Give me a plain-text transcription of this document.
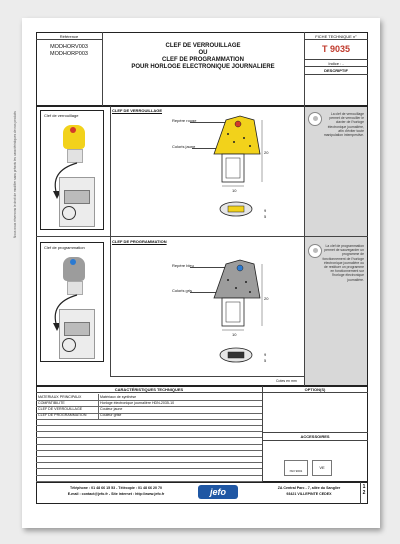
Nous nous réservons le droit de modifier sans préavis les caractéristiques de nos produits
Référence
MODHORV003
MODHORP003
CLEF DE VERROUILLAGE
OU
CLEF DE PROGRAMMATION
POUR HORLOGE ELECTRONIQUE JOURNALIERE
FICHE TECHNIQUE n°
T 9035
Indice : -
DESCRIPTIF
CLEF DE VERROUILLAGE
Clef de verrouillage
Repère rouge
Coloris jaune
20
10
9
5
La clef de verrouillage permet de verrouiller le clavier de l'horloge électronique journalière, afin d'éviter toute manipulation intempestive.
CLEF DE PROGRAMMATION
Clef de programmation
Repère bleu
Coloris gris
20
10
9
5
La clef de programmation permet de sauvegarder un programme de fonctionnement de l'horloge électronique journalière ou de restituer un programme en fonctionnement sur l'horloge électronique journalière.
Cotes en mm
CARACTÉRISTIQUES TECHNIQUES	OPTION(S)
ACCESSOIRES
ISO 9001
VE
Téléphone : 01 48 66 15 53 - Télécopie : 01 48 66 20 70
E-mail : contact@jefo.fr - Site internet : http://www.jefo.fr	jefo	ZA Central Parc - 7, allée du Sanglier
93421 VILLEPINTE CEDEX
1
2
MATERIAUX PRINCIPAUX	Matériaux de synthèse
COMPATIBILITE	Horloge électronique journalière HDN-2035-10
CLEF DE VERROUILLAGE	Couleur jaune
CLEF DE PROGRAMMATION	Couleur grise
